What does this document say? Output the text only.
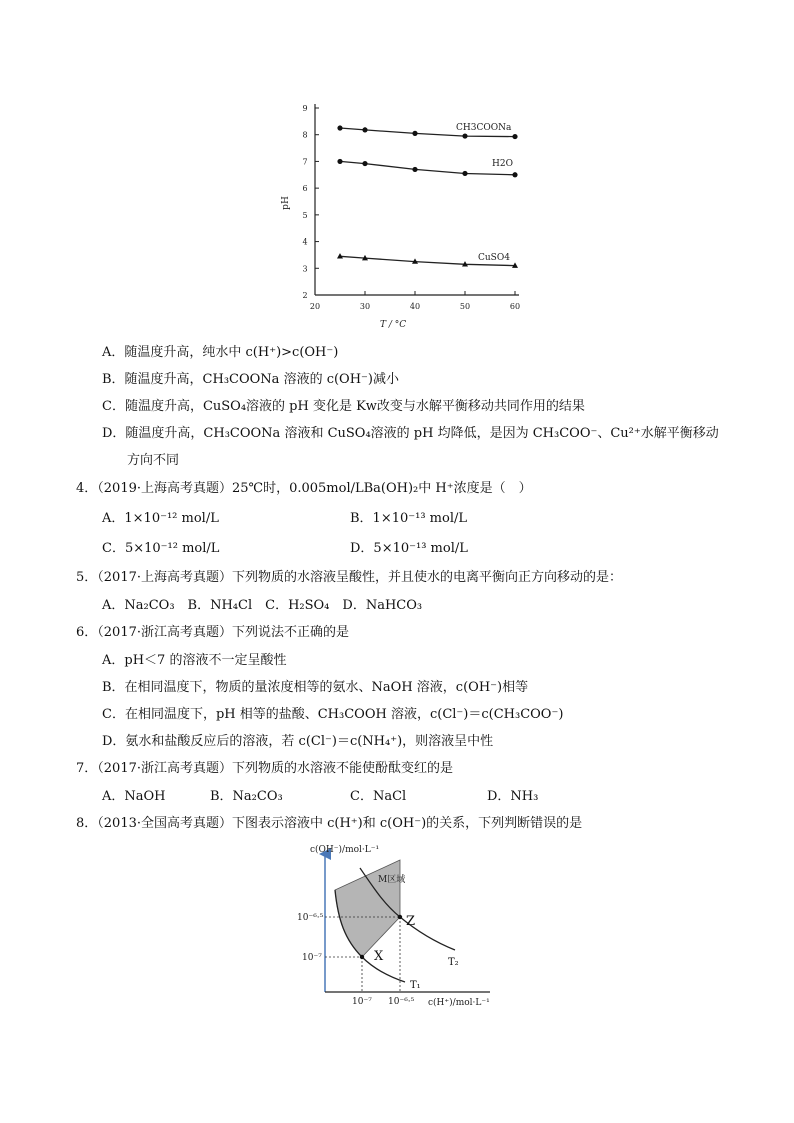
2
3
4
5
6
7
8
9
20	30	40	50	60
pH
T / °C
CH3COONa
H2O
CuSO4
A．随温度升高，纯水中 c(H⁺)>c(OH⁻)
B．随温度升高，CH₃COONa 溶液的 c(OH⁻)减小
C．随温度升高，CuSO₄溶液的 pH 变化是 Kw改变与水解平衡移动共同作用的结果
D．随温度升高，CH₃COONa 溶液和 CuSO₄溶液的 pH 均降低，是因为 CH₃COO⁻、Cu²⁺水解平衡移动
方向不同
4．（2019·上海高考真题）25℃时，0.005mol/LBa(OH)₂中 H⁺浓度是（　）
A．1×10⁻¹² mol/L	B．1×10⁻¹³ mol/L
C．5×10⁻¹² mol/L	D．5×10⁻¹³ mol/L
5．（2017·上海高考真题）下列物质的水溶液呈酸性，并且使水的电离平衡向正方向移动的是：
A．Na₂CO₃　B．NH₄Cl　C．H₂SO₄　D．NaHCO₃
6．（2017·浙江高考真题）下列说法不正确的是
A．pH＜7 的溶液不一定呈酸性
B．在相同温度下，物质的量浓度相等的氨水、NaOH 溶液，c(OH⁻)相等
C．在相同温度下，pH 相等的盐酸、CH₃COOH 溶液，c(Cl⁻)＝c(CH₃COO⁻)
D．氨水和盐酸反应后的溶液，若 c(Cl⁻)＝c(NH₄⁺)，则溶液呈中性
7．（2017·浙江高考真题）下列物质的水溶液不能使酚酞变红的是
A．NaOH	B．Na₂CO₃	C．NaCl	D．NH₃
8．（2013·全国高考真题）下图表示溶液中 c(H⁺)和 c(OH⁻)的关系，下列判断错误的是
c(OH⁻)/mol·L⁻¹
c(H⁺)/mol·L⁻¹
M区域
Z
X
T₁
T₂
10⁻⁶·⁵
10⁻⁷
10⁻⁷ 10⁻⁶·⁵
